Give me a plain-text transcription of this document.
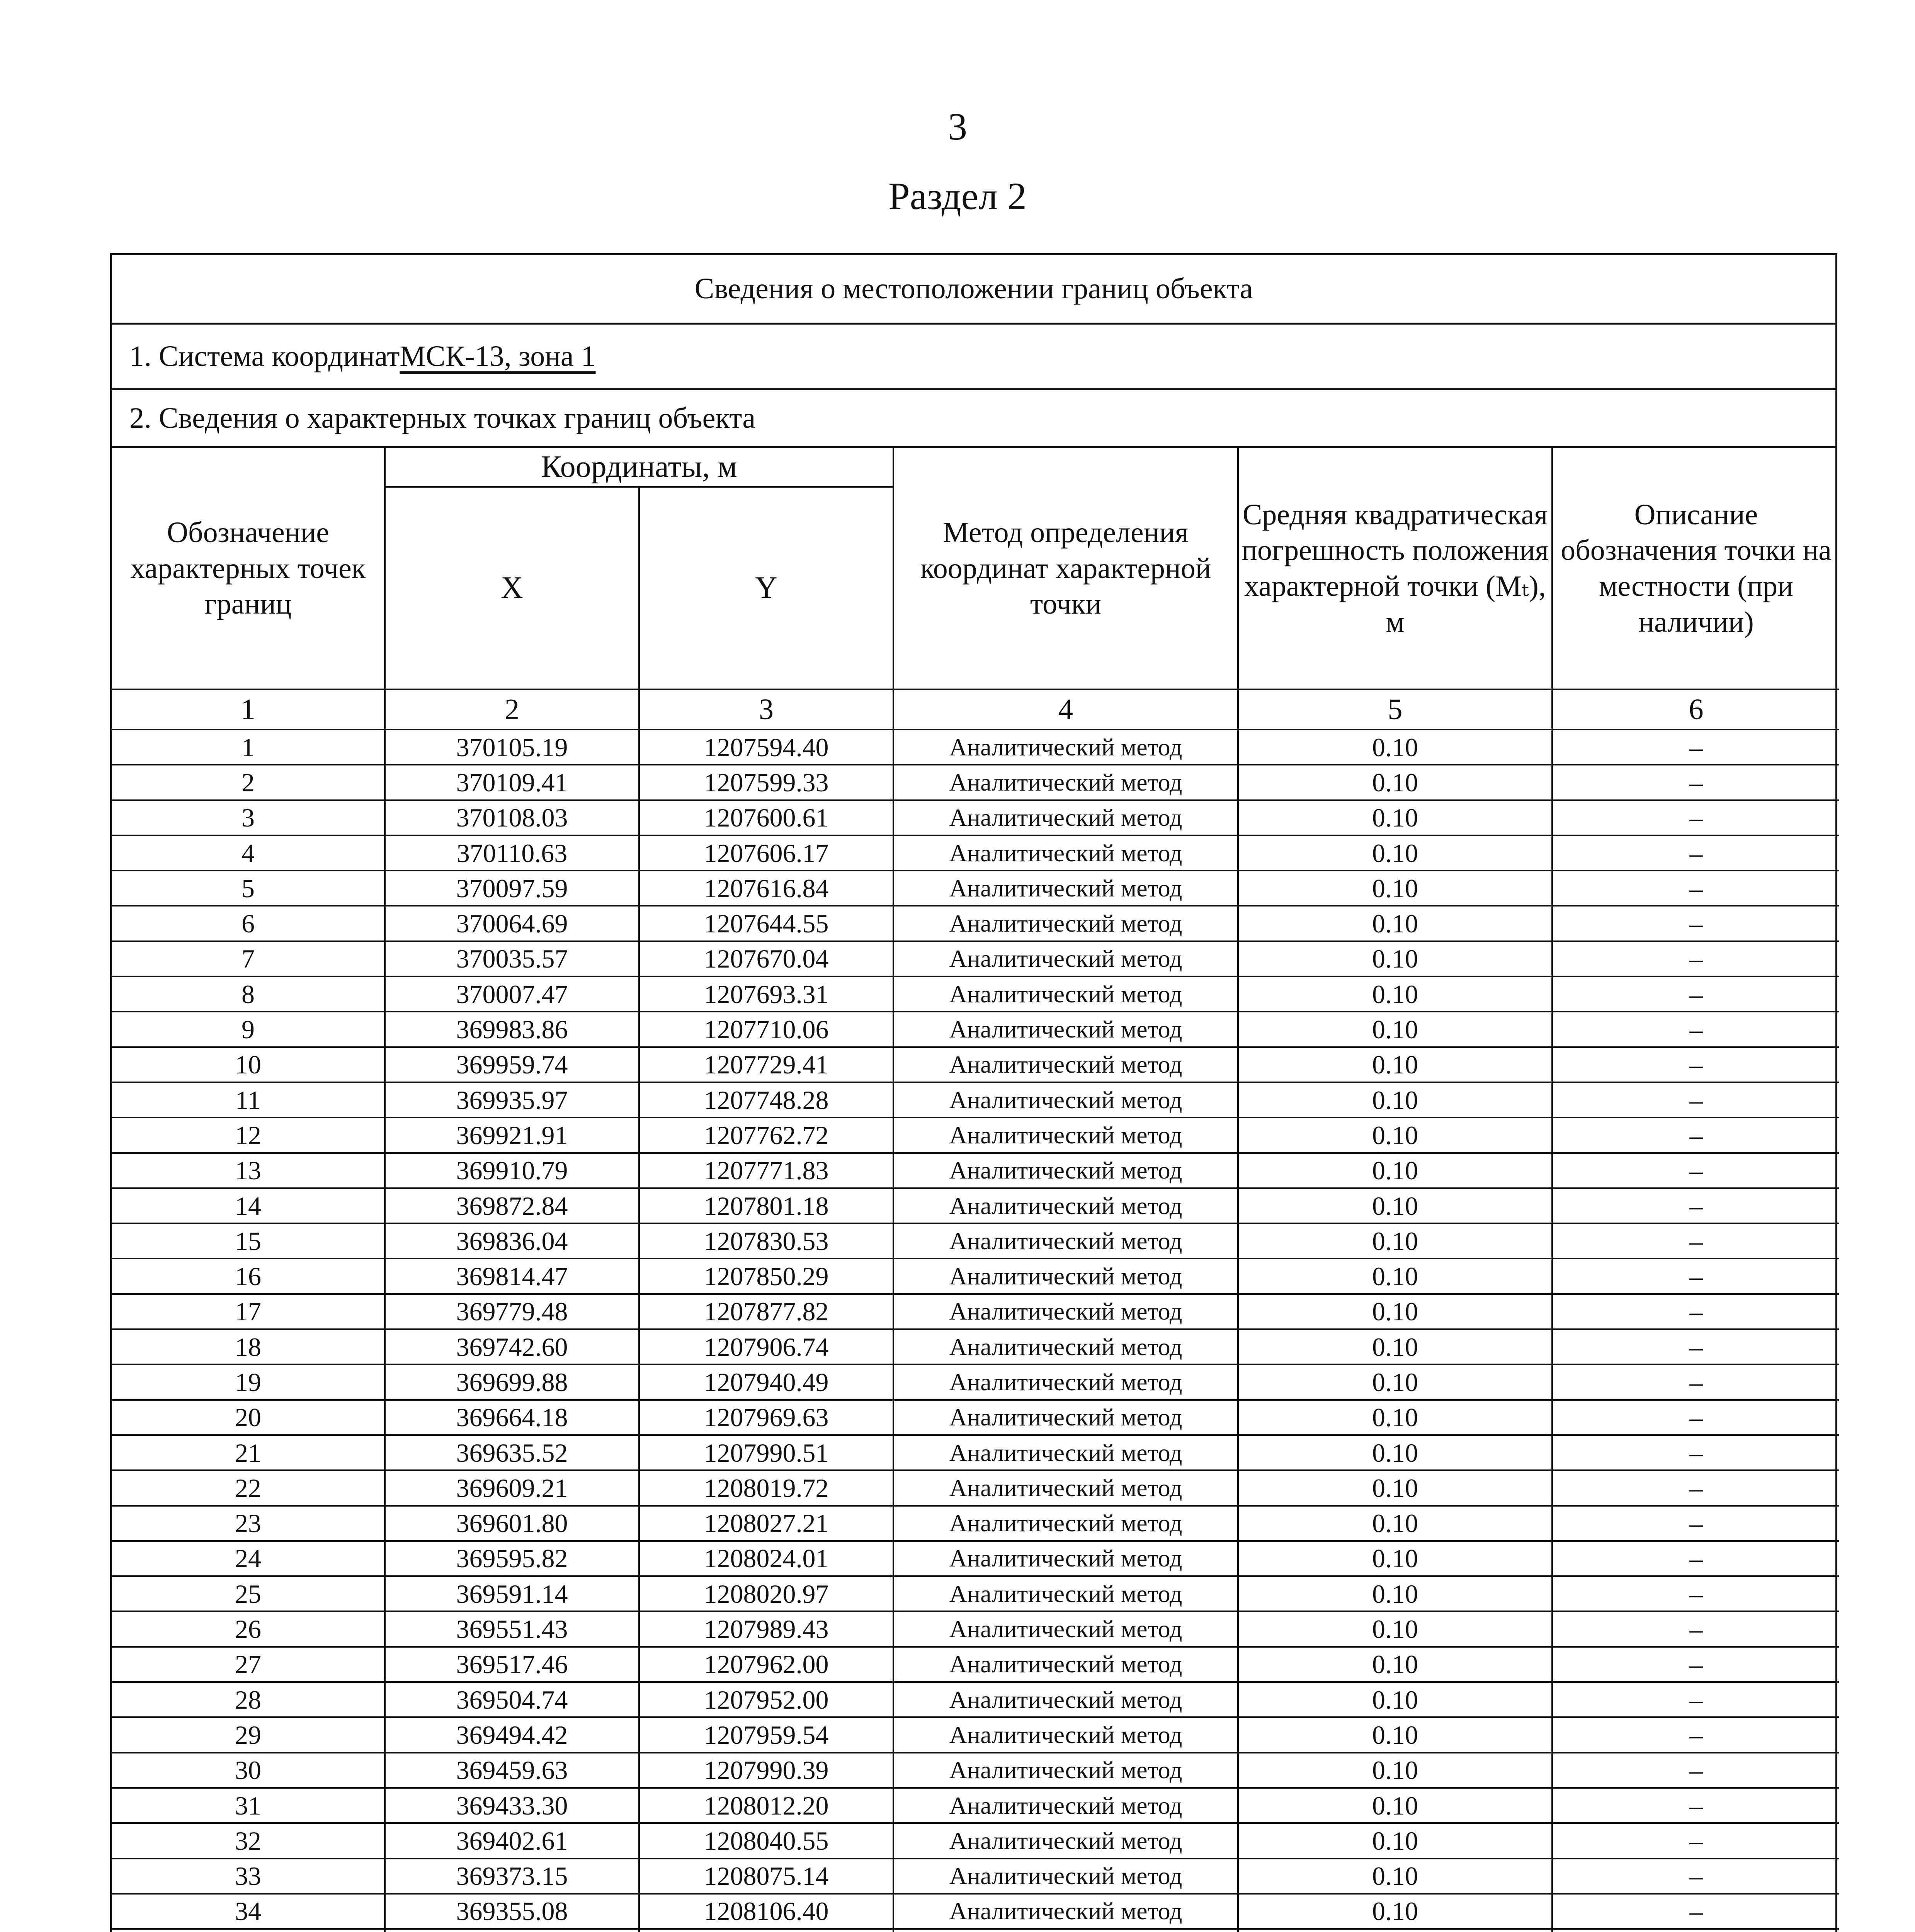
3
Раздел 2
Сведения о местоположении границ объекта
1. Система координат МСК-13, зона 1
2. Сведения о характерных точках границ объекта
Обозначение характерных точек границ	Координаты, м		Метод определения координат характерной точки	Средняя квадратическая погрешность положения характерной точки (Mₜ), м	Описание обозначения точки на местности (при наличии)
	X	Y			
1	2	3	4	5	6
1	370105.19	1207594.40	Аналитический метод	0.10	–
2	370109.41	1207599.33	Аналитический метод	0.10	–
3	370108.03	1207600.61	Аналитический метод	0.10	–
4	370110.63	1207606.17	Аналитический метод	0.10	–
5	370097.59	1207616.84	Аналитический метод	0.10	–
6	370064.69	1207644.55	Аналитический метод	0.10	–
7	370035.57	1207670.04	Аналитический метод	0.10	–
8	370007.47	1207693.31	Аналитический метод	0.10	–
9	369983.86	1207710.06	Аналитический метод	0.10	–
10	369959.74	1207729.41	Аналитический метод	0.10	–
11	369935.97	1207748.28	Аналитический метод	0.10	–
12	369921.91	1207762.72	Аналитический метод	0.10	–
13	369910.79	1207771.83	Аналитический метод	0.10	–
14	369872.84	1207801.18	Аналитический метод	0.10	–
15	369836.04	1207830.53	Аналитический метод	0.10	–
16	369814.47	1207850.29	Аналитический метод	0.10	–
17	369779.48	1207877.82	Аналитический метод	0.10	–
18	369742.60	1207906.74	Аналитический метод	0.10	–
19	369699.88	1207940.49	Аналитический метод	0.10	–
20	369664.18	1207969.63	Аналитический метод	0.10	–
21	369635.52	1207990.51	Аналитический метод	0.10	–
22	369609.21	1208019.72	Аналитический метод	0.10	–
23	369601.80	1208027.21	Аналитический метод	0.10	–
24	369595.82	1208024.01	Аналитический метод	0.10	–
25	369591.14	1208020.97	Аналитический метод	0.10	–
26	369551.43	1207989.43	Аналитический метод	0.10	–
27	369517.46	1207962.00	Аналитический метод	0.10	–
28	369504.74	1207952.00	Аналитический метод	0.10	–
29	369494.42	1207959.54	Аналитический метод	0.10	–
30	369459.63	1207990.39	Аналитический метод	0.10	–
31	369433.30	1208012.20	Аналитический метод	0.10	–
32	369402.61	1208040.55	Аналитический метод	0.10	–
33	369373.15	1208075.14	Аналитический метод	0.10	–
34	369355.08	1208106.40	Аналитический метод	0.10	–
